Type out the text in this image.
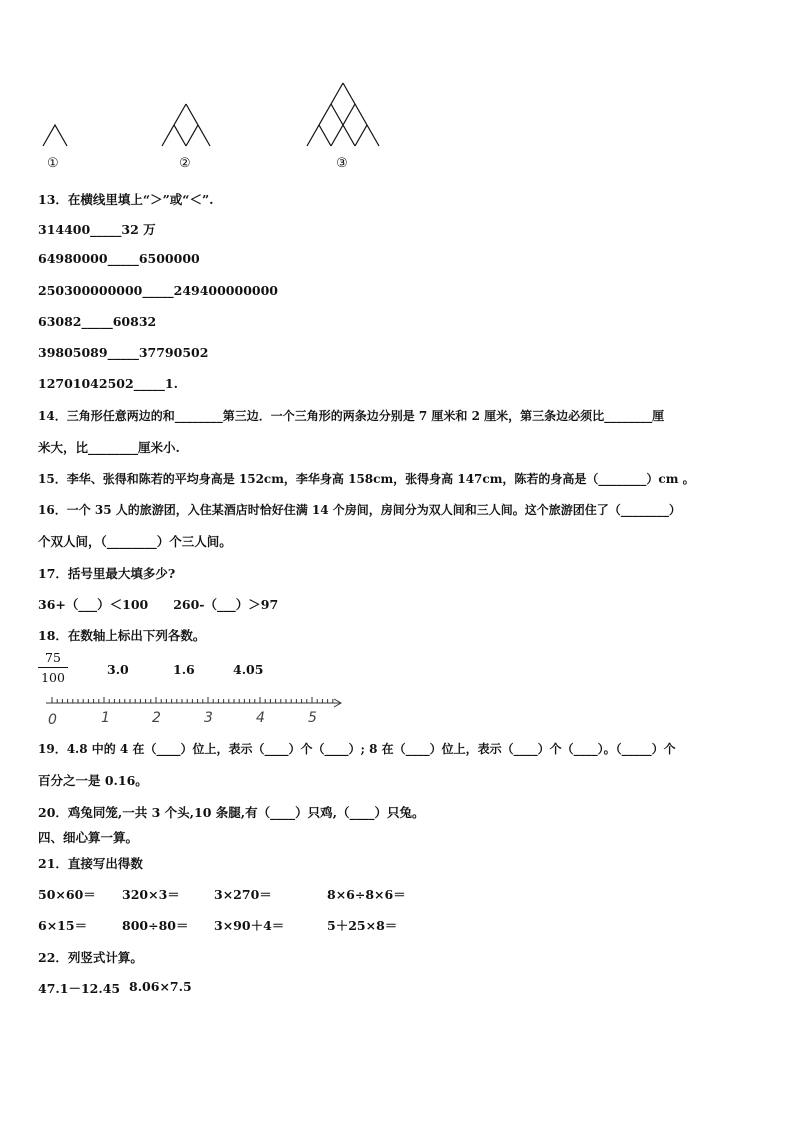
①	②	③
13．在横线里填上“＞”或“＜”.
314400_____32 万
64980000_____6500000
250300000000_____249400000000
63082_____60832
39805089_____37790502
12701042502_____1.
14．三角形任意两边的和________第三边．一个三角形的两条边分别是 7 厘米和 2 厘米，第三条边必须比________厘
米大，比________厘米小.
15．李华、张得和陈若的平均身高是 152cm，李华身高 158cm，张得身高 147cm，陈若的身高是（________）cm 。
16．一个 35 人的旅游团，入住某酒店时恰好住满 14 个房间，房间分为双人间和三人间。这个旅游团住了（________）
个双人间，（________）个三人间。
17．括号里最大填多少?
36+（___）＜100　　260-（___）＞97
18．在数轴上标出下列各数。
75
100
3.0	1.6	4.05
0	1	2	3	4	5
19．4.8 中的 4 在（____）位上，表示（____）个（____）; 8 在（____）位上，表示（____）个（____）。（_____）个
百分之一是 0.16。
20．鸡兔同笼,一共 3 个头,10 条腿,有（____）只鸡,（____）只兔。
四、细心算一算。
21．直接写出得数
50×60＝ 320×3＝	3×270＝	8×6÷8×6＝
6×15＝	800÷80＝ 3×90＋4＝	5＋25×8＝
22．列竖式计算。
47.1－12.45 8.06×7.5
